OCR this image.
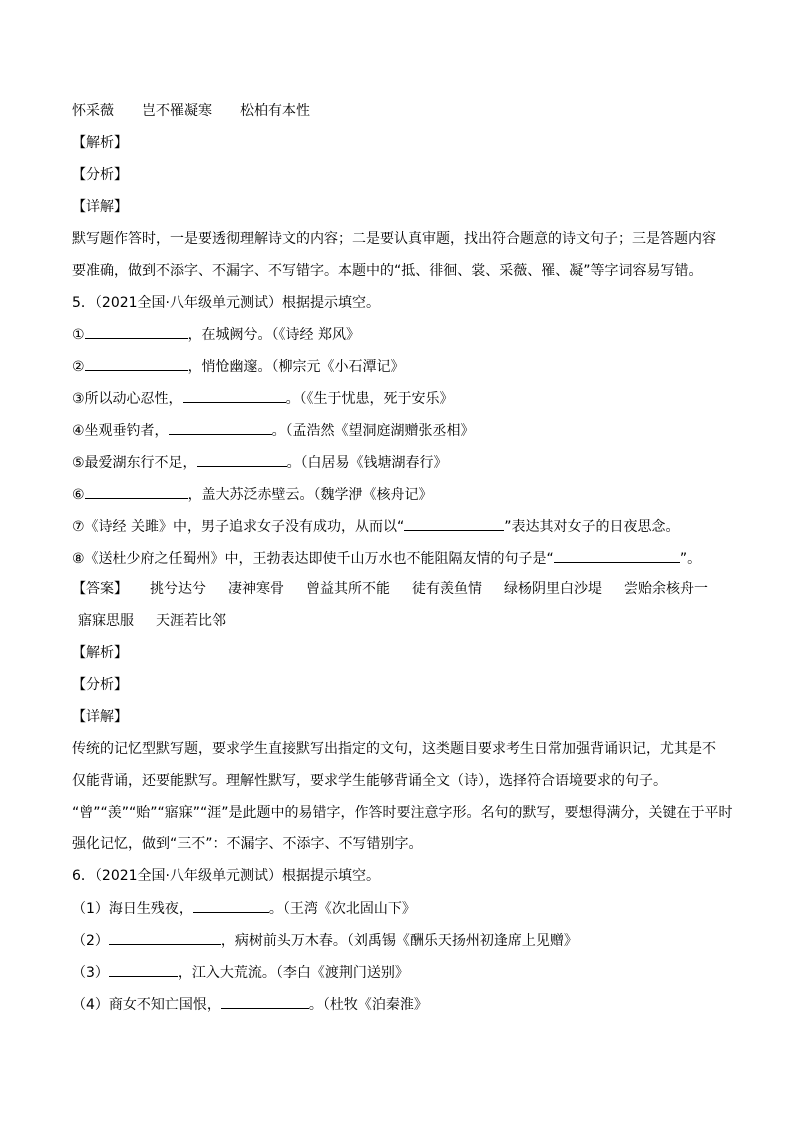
怀采薇 岂不罹凝寒 松柏有本性
【解析】
【分析】
【详解】
默写题作答时，一是要透彻理解诗文的内容；二是要认真审题，找出符合题意的诗文句子；三是答题内容
要准确，做到不添字、不漏字、不写错字。本题中的“抵、徘徊、裳、采薇、罹、凝”等字词容易写错。
5．（2021全国·八年级单元测试）根据提示填空。
①	，在城阙兮。（《诗经 郑风》
②	，悄怆幽邃。（柳宗元《小石潭记》
③所以动心忍性，	。（《生于忧患，死于安乐》
④坐观垂钓者，	。（孟浩然《望洞庭湖赠张丞相》
⑤最爱湖东行不足，	。（白居易《钱塘湖春行》
⑥	，盖大苏泛赤壁云。（魏学洢《核舟记》
⑦《诗经 关雎》中，男子追求女子没有成功，从而以“	”表达其对女子的日夜思念。
⑧《送杜少府之任蜀州》中，王勃表达即使千山万水也不能阻隔友情的句子是“	”。
【答案】 挑兮达兮 凄神寒骨 曾益其所不能 徒有羡鱼情 绿杨阴里白沙堤 尝贻余核舟一
寤寐思服 天涯若比邻
【解析】
【分析】
【详解】
传统的记忆型默写题，要求学生直接默写出指定的文句，这类题目要求考生日常加强背诵识记，尤其是不
仅能背诵，还要能默写。理解性默写，要求学生能够背诵全文（诗），选择符合语境要求的句子。
“曾”“羡”“贻”“寤寐”“涯”是此题中的易错字，作答时要注意字形。名句的默写，要想得满分，关键在于平时
强化记忆，做到“三不”：不漏字、不添字、不写错别字。
6．（2021全国·八年级单元测试）根据提示填空。
（1）海日生残夜，	。（王湾《次北固山下》
（2）	，病树前头万木春。（刘禹锡《酬乐天扬州初逢席上见赠》
（3）	，江入大荒流。（李白《渡荆门送别》
（4）商女不知亡国恨，	。（杜牧《泊秦淮》
